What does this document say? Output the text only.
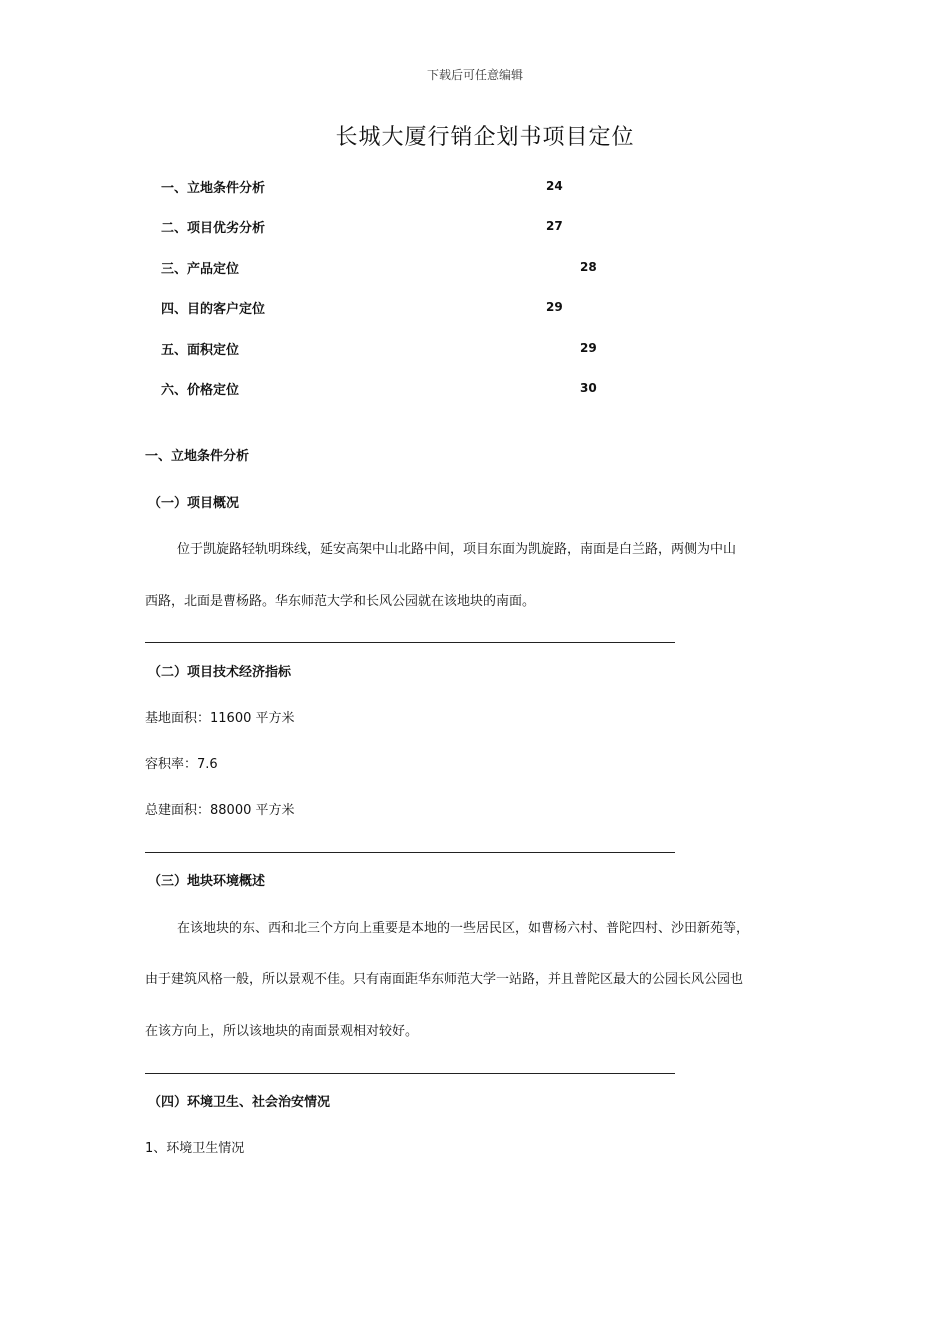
下载后可任意编辑
长城大厦行销企划书项目定位
一、立地条件分析	24
二、项目优劣分析	27
三、产品定位	28
四、目的客户定位	29
五、面积定位	29
六、价格定位	30
一、立地条件分析
（一）项目概况
位于凯旋路轻轨明珠线，延安高架中山北路中间，项目东面为凯旋路，南面是白兰路，两侧为中山
西路，北面是曹杨路。华东师范大学和长风公园就在该地块的南面。
（二）项目技术经济指标
基地面积：11600 平方米
容积率：7.6
总建面积：88000 平方米
（三）地块环境概述
在该地块的东、西和北三个方向上重要是本地的一些居民区，如曹杨六村、普陀四村、沙田新苑等，
由于建筑风格一般，所以景观不佳。只有南面距华东师范大学一站路，并且普陀区最大的公园长风公园也
在该方向上，所以该地块的南面景观相对较好。
（四）环境卫生、社会治安情况
1、环境卫生情况
